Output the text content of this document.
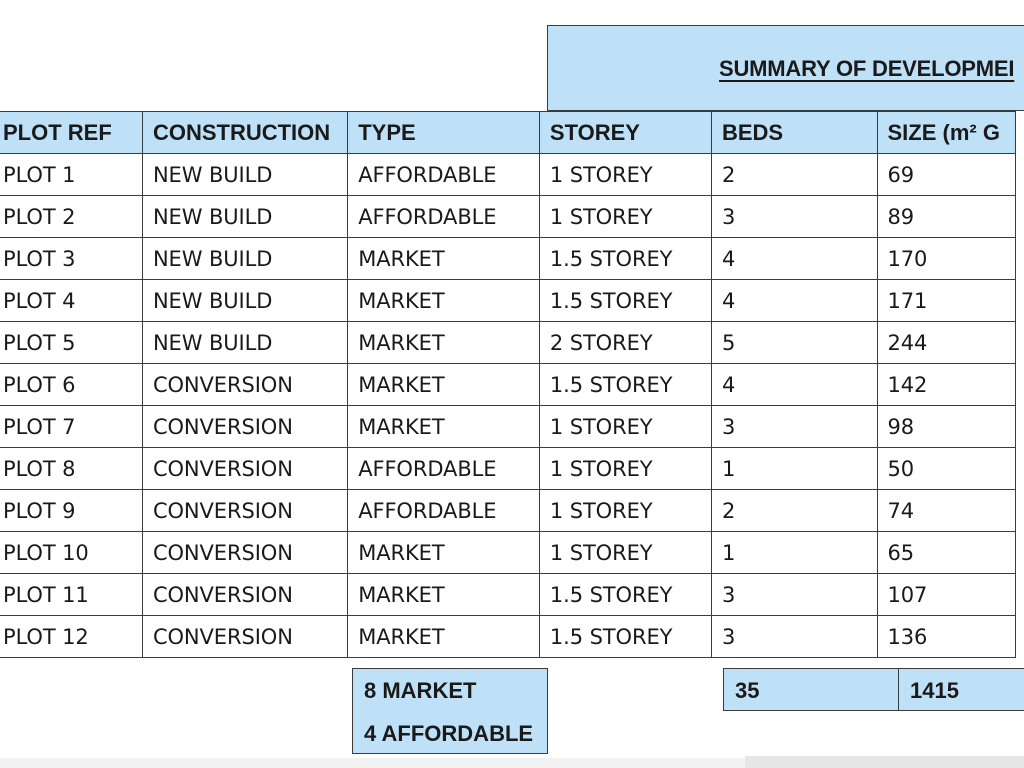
SUMMARY OF DEVELOPMEI
PLOT REF	CONSTRUCTION	TYPE	STOREY	BEDS	SIZE (m² G
PLOT 1	NEW BUILD	AFFORDABLE	1 STOREY	2	69
PLOT 2	NEW BUILD	AFFORDABLE	1 STOREY	3	89
PLOT 3	NEW BUILD	MARKET	1.5 STOREY	4	170
PLOT 4	NEW BUILD	MARKET	1.5 STOREY	4	171
PLOT 5	NEW BUILD	MARKET	2 STOREY	5	244
PLOT 6	CONVERSION	MARKET	1.5 STOREY	4	142
PLOT 7	CONVERSION	MARKET	1 STOREY	3	98
PLOT 8	CONVERSION	AFFORDABLE	1 STOREY	1	50
PLOT 9	CONVERSION	AFFORDABLE	1 STOREY	2	74
PLOT 10	CONVERSION	MARKET	1 STOREY	1	65
PLOT 11	CONVERSION	MARKET	1.5 STOREY	3	107
PLOT 12	CONVERSION	MARKET	1.5 STOREY	3	136
8 MARKET
4 AFFORDABLE
35	1415
